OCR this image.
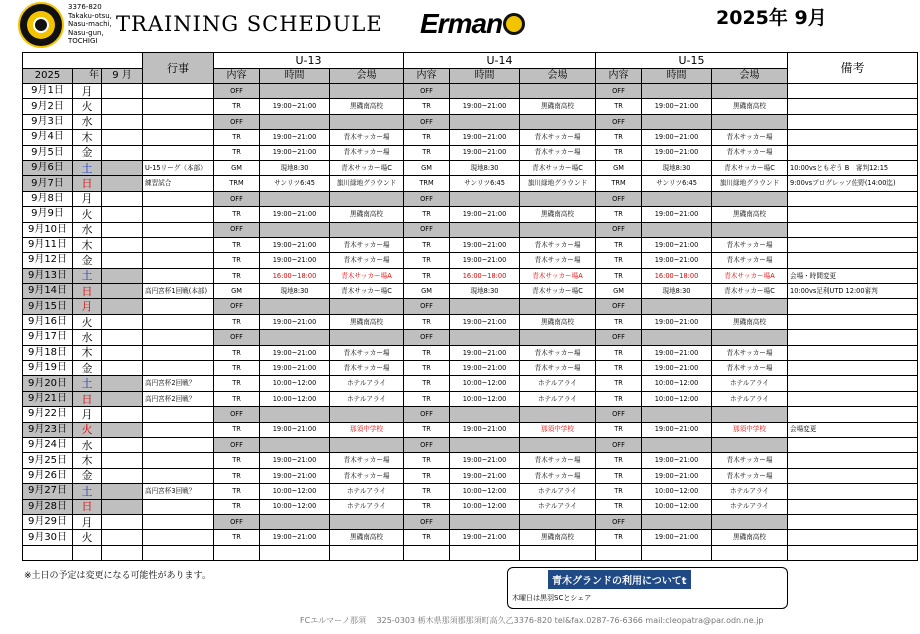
3376-820
Takaku-otsu,
Nasu-machi,
Nasu-gun,
TOCHIGI
TRAINING SCHEDULE Erman	2025年 9月
			行事	U-13			U-14			U-15			備考
2025	年	9 月		内容	時間	会場	内容	時間	会場	内容	時間	会場	
9月1日	月			OFF			OFF			OFF			
9月2日	火			TR	19:00~21:00	黒磯南高校	TR	19:00~21:00	黒磯南高校	TR	19:00~21:00	黒磯南高校	
9月3日	水			OFF			OFF			OFF			
9月4日	木			TR	19:00~21:00	青木サッカー場	TR	19:00~21:00	青木サッカー場	TR	19:00~21:00	青木サッカー場	
9月5日	金			TR	19:00~21:00	青木サッカー場	TR	19:00~21:00	青木サッカー場	TR	19:00~21:00	青木サッカー場	
9月6日	土		U-15リーグ（本部）	GM	現地8:30	青木サッカー場C	GM	現地8:30	青木サッカー場C	GM	現地8:30	青木サッカー場C	10:00vsともぞう B　審判12:15
9月7日	日		練習試合	TRM	サンリツ6:45	旗川緑地グラウンド	TRM	サンリツ6:45	旗川緑地グラウンド	TRM	サンリツ6:45	旗川緑地グラウンド	9:00vsプログレッソ佐野(14:00迄)
9月8日	月			OFF			OFF			OFF			
9月9日	火			TR	19:00~21:00	黒磯南高校	TR	19:00~21:00	黒磯南高校	TR	19:00~21:00	黒磯南高校	
9月10日	水			OFF			OFF			OFF			
9月11日	木			TR	19:00~21:00	青木サッカー場	TR	19:00~21:00	青木サッカー場	TR	19:00~21:00	青木サッカー場	
9月12日	金			TR	19:00~21:00	青木サッカー場	TR	19:00~21:00	青木サッカー場	TR	19:00~21:00	青木サッカー場	
9月13日	土			TR	16:00~18:00	青木サッカー場A	TR	16:00~18:00	青木サッカー場A	TR	16:00~18:00	青木サッカー場A	会場・時間変更
9月14日	日		高円宮杯1回戦(本部)	GM	現地8:30	青木サッカー場C	GM	現地8:30	青木サッカー場C	GM	現地8:30	青木サッカー場C	10:00vs足利UTD 12:00審判
9月15日	月			OFF			OFF			OFF			
9月16日	火			TR	19:00~21:00	黒磯南高校	TR	19:00~21:00	黒磯南高校	TR	19:00~21:00	黒磯南高校	
9月17日	水			OFF			OFF			OFF			
9月18日	木			TR	19:00~21:00	青木サッカー場	TR	19:00~21:00	青木サッカー場	TR	19:00~21:00	青木サッカー場	
9月19日	金			TR	19:00~21:00	青木サッカー場	TR	19:00~21:00	青木サッカー場	TR	19:00~21:00	青木サッカー場	
9月20日	土		高円宮杯2回戦？	TR	10:00~12:00	ホテルアライ	TR	10:00~12:00	ホテルアライ	TR	10:00~12:00	ホテルアライ	
9月21日	日		高円宮杯2回戦？	TR	10:00~12:00	ホテルアライ	TR	10:00~12:00	ホテルアライ	TR	10:00~12:00	ホテルアライ	
9月22日	月			OFF			OFF			OFF			
9月23日	火			TR	19:00~21:00	那須中学校	TR	19:00~21:00	那須中学校	TR	19:00~21:00	那須中学校	会場変更
9月24日	水			OFF			OFF			OFF			
9月25日	木			TR	19:00~21:00	青木サッカー場	TR	19:00~21:00	青木サッカー場	TR	19:00~21:00	青木サッカー場	
9月26日	金			TR	19:00~21:00	青木サッカー場	TR	19:00~21:00	青木サッカー場	TR	19:00~21:00	青木サッカー場	
9月27日	土		高円宮杯3回戦？	TR	10:00~12:00	ホテルアライ	TR	10:00~12:00	ホテルアライ	TR	10:00~12:00	ホテルアライ	
9月28日	日			TR	10:00~12:00	ホテルアライ	TR	10:00~12:00	ホテルアライ	TR	10:00~12:00	ホテルアライ	
9月29日	月			OFF			OFF			OFF			
9月30日	火			TR	19:00~21:00	黒磯南高校	TR	19:00~21:00	黒磯南高校	TR	19:00~21:00	黒磯南高校	

※土日の予定は変更になる可能性があります。	青木グランドの利用についてt
木曜日は黒羽SCとシェア
FCエルマーノ那須　 325-0303 栃木県那須郡那須町高久乙3376-820 tel&fax.0287-76-6366 mail:cleopatra@par.odn.ne.jp
